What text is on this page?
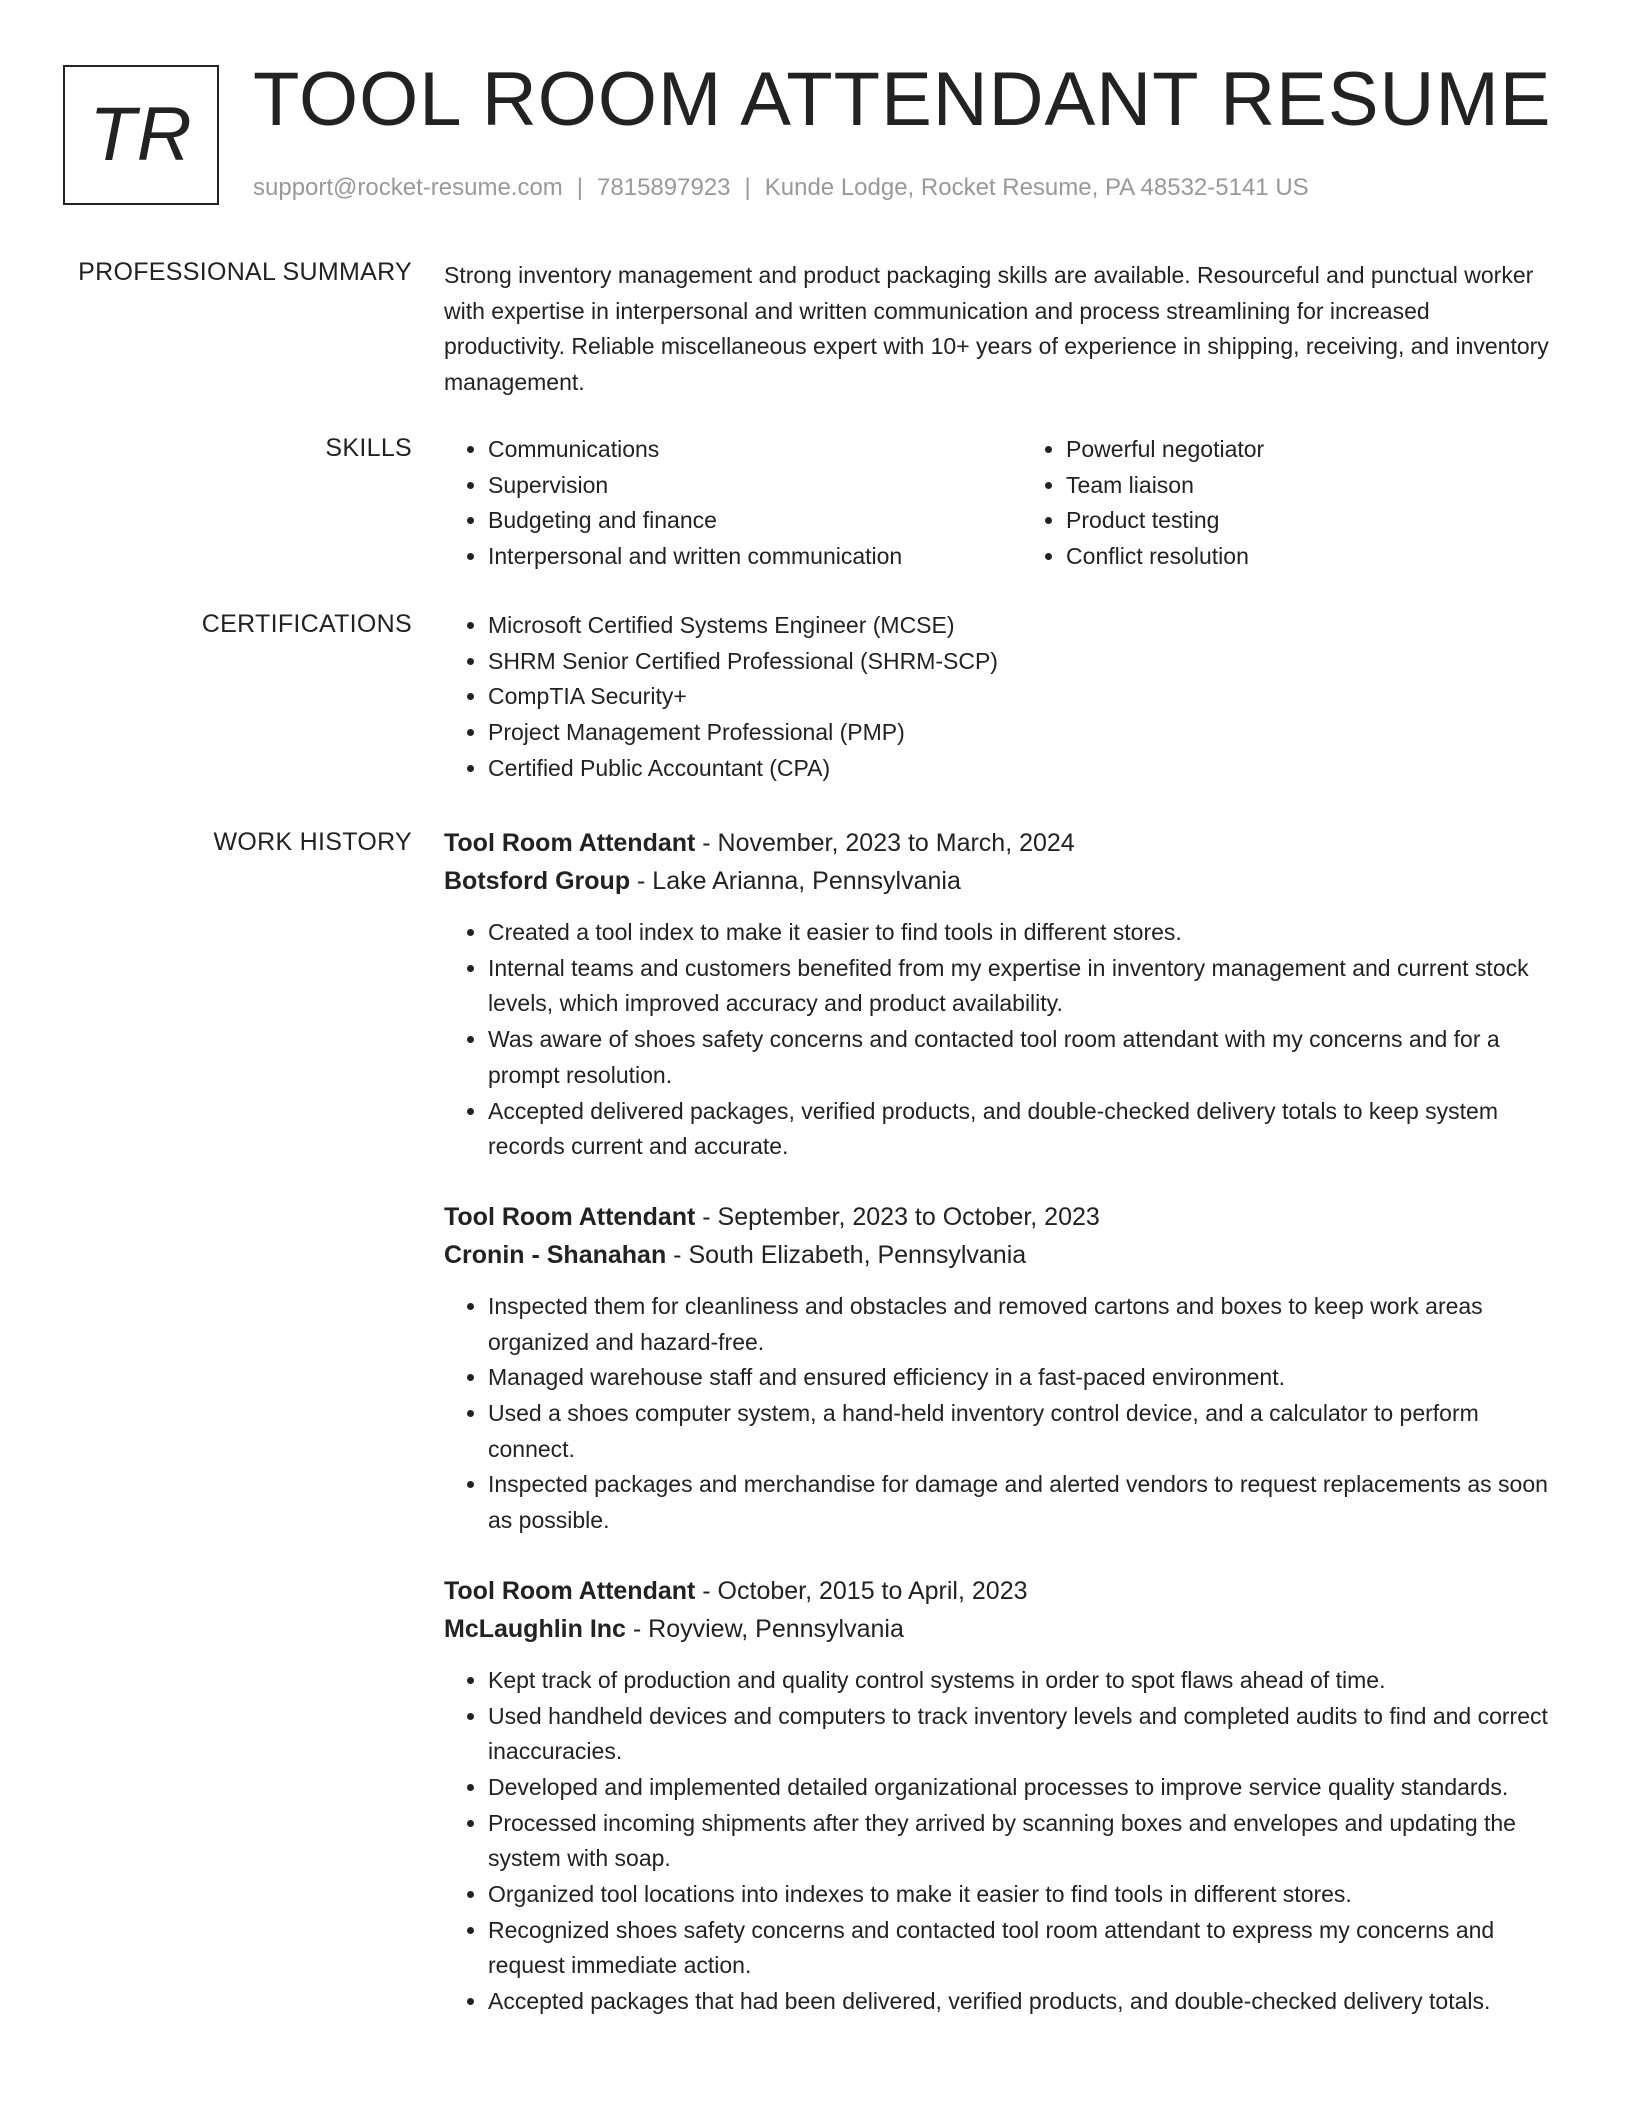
TR TOOL ROOM ATTENDANT RESUME
support@rocket-resume.com | 7815897923 | Kunde Lodge, Rocket Resume, PA 48532-5141 US
PROFESSIONAL SUMMARY Strong inventory management and product packaging skills are available. Resourceful and punctual worker with expertise in interpersonal and written communication and process streamlining for increased productivity. Reliable miscellaneous expert with 10+ years of experience in shipping, receiving, and inventory management.
SKILLS	• Communications
• Supervision
• Budgeting and finance
• Interpersonal and written communication
• Powerful negotiator
• Team liaison
• Product testing
• Conflict resolution
CERTIFICATIONS	• Microsoft Certified Systems Engineer (MCSE)
• SHRM Senior Certified Professional (SHRM-SCP)
• CompTIA Security+
• Project Management Professional (PMP)
• Certified Public Accountant (CPA)
WORK HISTORY Tool Room Attendant - November, 2023 to March, 2024
Botsford Group - Lake Arianna, Pennsylvania
• Created a tool index to make it easier to find tools in different stores.
• Internal teams and customers benefited from my expertise in inventory management and current stock levels, which improved accuracy and product availability.
• Was aware of shoes safety concerns and contacted tool room attendant with my concerns and for a prompt resolution.
• Accepted delivered packages, verified products, and double-checked delivery totals to keep system records current and accurate.
Tool Room Attendant - September, 2023 to October, 2023
Cronin - Shanahan - South Elizabeth, Pennsylvania
• Inspected them for cleanliness and obstacles and removed cartons and boxes to keep work areas organized and hazard-free.
• Managed warehouse staff and ensured efficiency in a fast-paced environment.
• Used a shoes computer system, a hand-held inventory control device, and a calculator to perform connect.
• Inspected packages and merchandise for damage and alerted vendors to request replacements as soon as possible.
Tool Room Attendant - October, 2015 to April, 2023
McLaughlin Inc - Royview, Pennsylvania
• Kept track of production and quality control systems in order to spot flaws ahead of time.
• Used handheld devices and computers to track inventory levels and completed audits to find and correct inaccuracies.
• Developed and implemented detailed organizational processes to improve service quality standards.
• Processed incoming shipments after they arrived by scanning boxes and envelopes and updating the system with soap.
• Organized tool locations into indexes to make it easier to find tools in different stores.
• Recognized shoes safety concerns and contacted tool room attendant to express my concerns and request immediate action.
• Accepted packages that had been delivered, verified products, and double-checked delivery totals.
